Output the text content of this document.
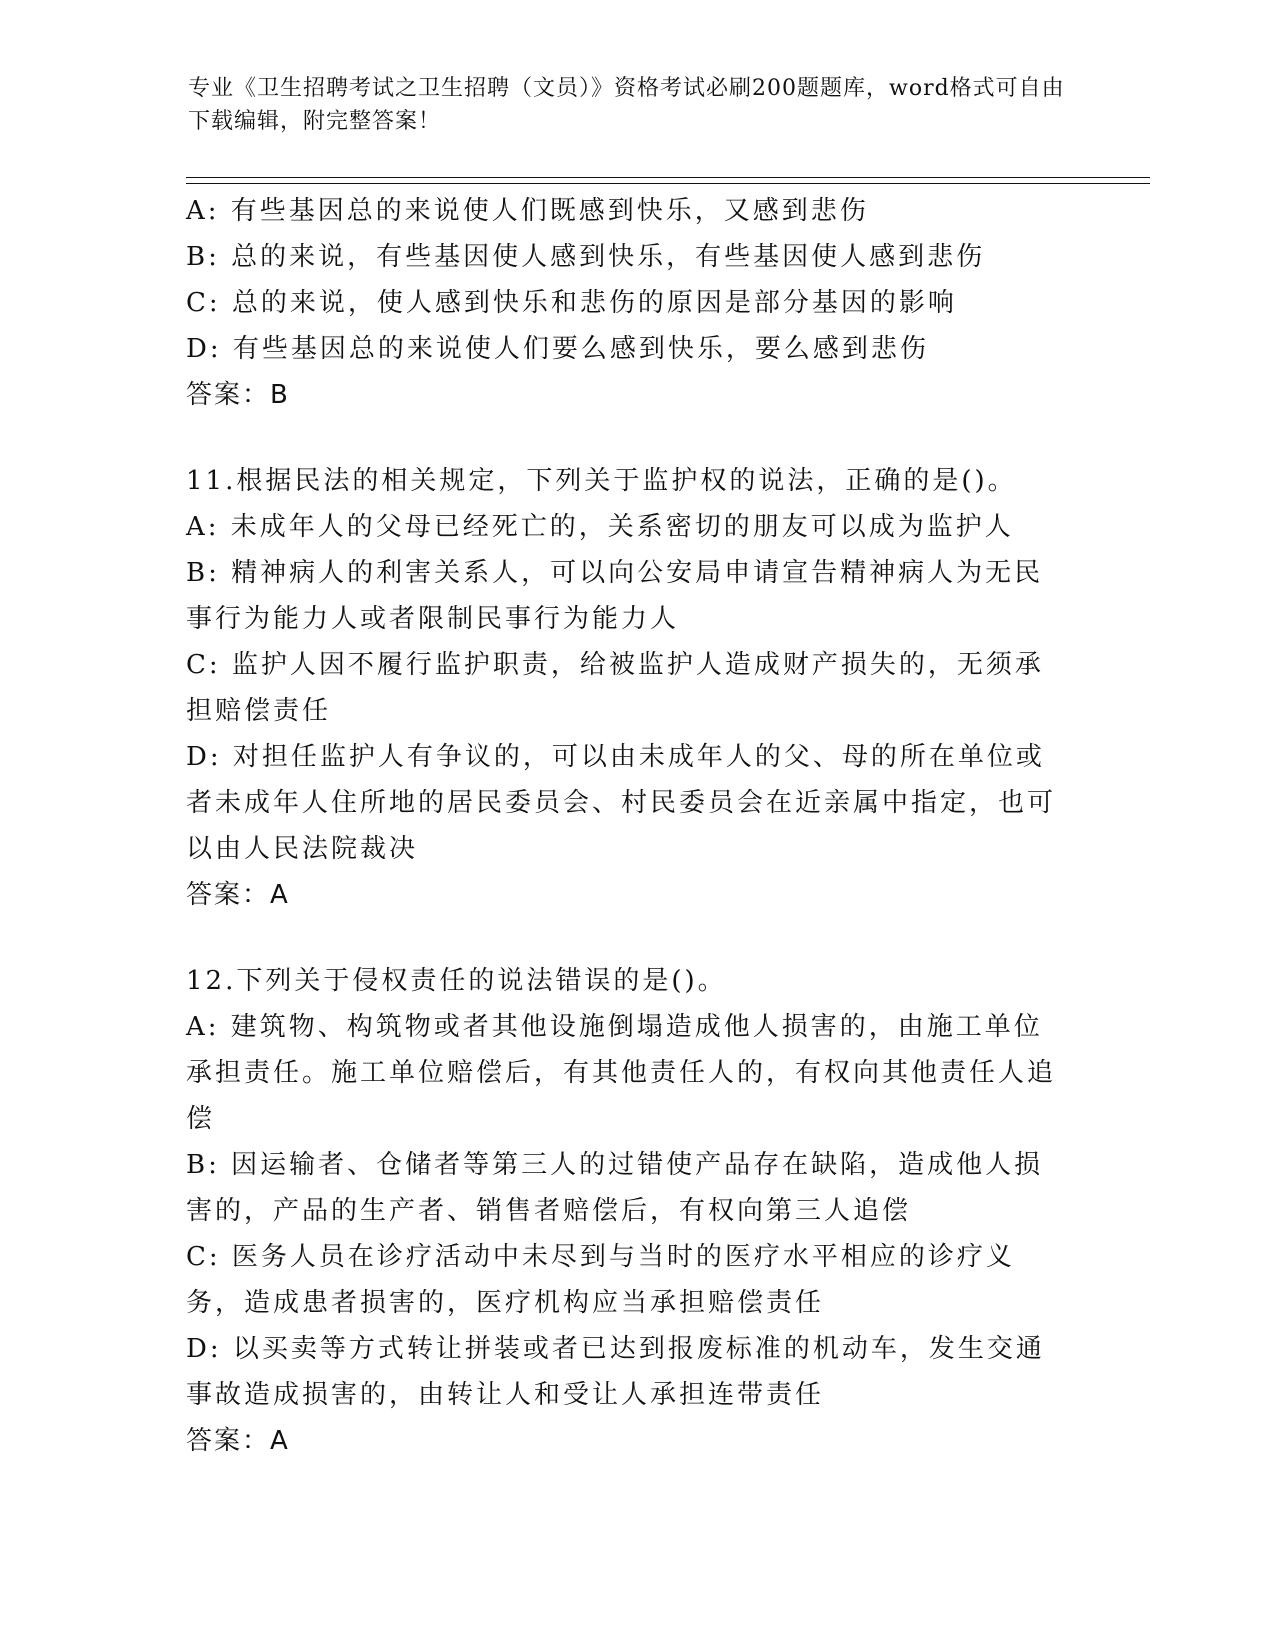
专业《卫生招聘考试之卫生招聘（文员）》资格考试必刷200题题库，word格式可自由下载编辑，附完整答案！
A: 有些基因总的来说使人们既感到快乐，又感到悲伤
B: 总的来说，有些基因使人感到快乐，有些基因使人感到悲伤
C: 总的来说，使人感到快乐和悲伤的原因是部分基因的影响
D: 有些基因总的来说使人们要么感到快乐，要么感到悲伤
答案：B
11.根据民法的相关规定，下列关于监护权的说法，正确的是()。
A: 未成年人的父母已经死亡的，关系密切的朋友可以成为监护人
B: 精神病人的利害关系人，可以向公安局申请宣告精神病人为无民事行为能力人或者限制民事行为能力人
C: 监护人因不履行监护职责，给被监护人造成财产损失的，无须承担赔偿责任
D: 对担任监护人有争议的，可以由未成年人的父、母的所在单位或者未成年人住所地的居民委员会、村民委员会在近亲属中指定，也可以由人民法院裁决
答案：A
12.下列关于侵权责任的说法错误的是()。
A: 建筑物、构筑物或者其他设施倒塌造成他人损害的，由施工单位承担责任。施工单位赔偿后，有其他责任人的，有权向其他责任人追偿
B: 因运输者、仓储者等第三人的过错使产品存在缺陷，造成他人损害的，产品的生产者、销售者赔偿后，有权向第三人追偿
C: 医务人员在诊疗活动中未尽到与当时的医疗水平相应的诊疗义务，造成患者损害的，医疗机构应当承担赔偿责任
D: 以买卖等方式转让拼装或者已达到报废标准的机动车，发生交通事故造成损害的，由转让人和受让人承担连带责任
答案：A
